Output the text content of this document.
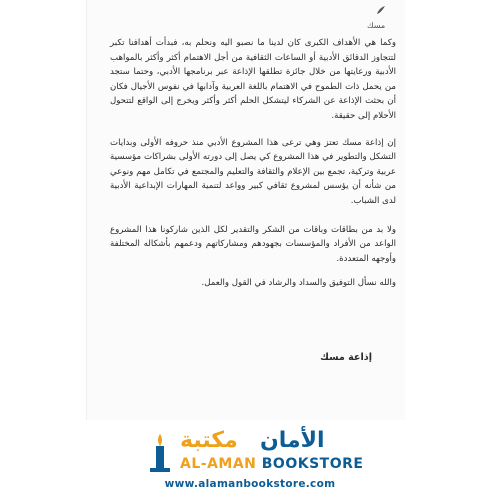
مسك

وكما هي الأهداف الكبرى كان لدينا ما نصبو اليه ونحلم به، فبدأت أهدافنا تكبر لتتجاوز الدقائق الأدبية أو الساعات الثقافية من أجل الاهتمام أكثر وأكثر بالمواهب الأدبية ورعايتها من خلال جائزة تطلقها الإذاعة عبر برنامجها الأدبي، وحتما ستجد من يحمل ذات الطموح في الاهتمام باللغة العربية وآدابها في نفوس الأجيال فكان أن بحثت الإذاعة عن الشركاء ليتشكل الحلم أكثر وأكثر ويخرج إلى الواقع لتتحول الأحلام إلى حقيقة.

إن إذاعة مسك تعتز وهي ترعى هذا المشروع الأدبي منذ حروفه الأولى وبدايات التشكل والتطوير في هذا المشروع كي يصل إلى دورته الأولى بشراكات مؤسسية عربية وتركية، تجمع بين الإعلام والثقافة والتعليم والمجتمع في تكامل مهم ونوعي من شأنه أن يؤسس لمشروع ثقافي كبير وواعد لتنمية المهارات الإبداعية الأدبية لدى الشباب.

ولا بد من بطاقات وباقات من الشكر والتقدير لكل الذين شاركونا هذا المشروع الواعد من الأفراد والمؤسسات بجهودهم ومشاركاتهم ودعمهم بأشكاله المختلفة وأوجهه المتعددة.

والله نسأل التوفيق والسداد والرشاد في القول والعمل.

إذاعة مسك
مكتبة الأمان
AL-AMAN BOOKSTORE
www.alamanbookstore.com
